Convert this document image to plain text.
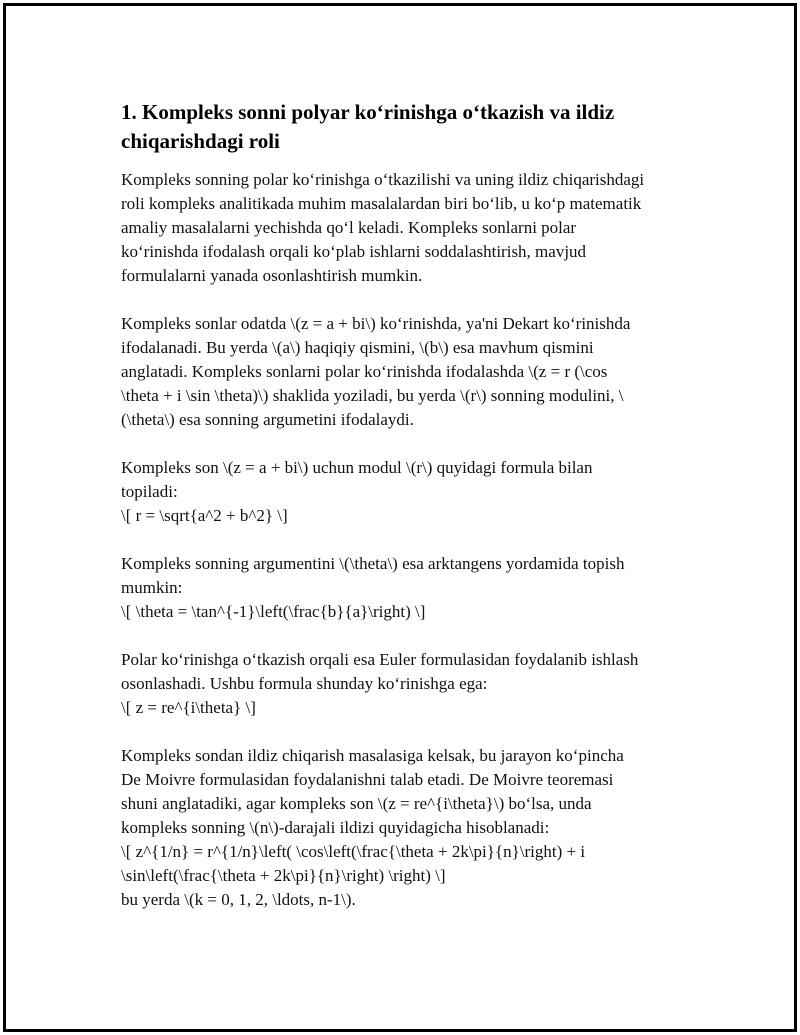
1. Kompleks sonni polyar ko‘rinishga o‘tkazish va ildiz
chiqarishdagi roli

Kompleks sonning polar ko‘rinishga o‘tkazilishi va uning ildiz chiqarishdagi
roli kompleks analitikada muhim masalalardan biri bo‘lib, u ko‘p matematik
amaliy masalalarni yechishda qo‘l keladi. Kompleks sonlarni polar
ko‘rinishda ifodalash orqali ko‘plab ishlarni soddalashtirish, mavjud
formulalarni yanada osonlashtirish mumkin.

Kompleks sonlar odatda \(z = a + bi\) ko‘rinishda, ya'ni Dekart ko‘rinishda
ifodalanadi. Bu yerda \(a\) haqiqiy qismini, \(b\) esa mavhum qismini
anglatadi. Kompleks sonlarni polar ko‘rinishda ifodalashda \(z = r (\cos
\theta + i \sin \theta)\) shaklida yoziladi, bu yerda \(r\) sonning modulini, \
(\theta\) esa sonning argumetini ifodalaydi.

Kompleks son \(z = a + bi\) uchun modul \(r\) quyidagi formula bilan
topiladi:
\[ r = \sqrt{a^2 + b^2} \]

Kompleks sonning argumentini \(\theta\) esa arktangens yordamida topish
mumkin:
\[ \theta = \tan^{-1}\left(\frac{b}{a}\right) \]

Polar ko‘rinishga o‘tkazish orqali esa Euler formulasidan foydalanib ishlash
osonlashadi. Ushbu formula shunday ko‘rinishga ega:
\[ z = re^{i\theta} \]

Kompleks sondan ildiz chiqarish masalasiga kelsak, bu jarayon ko‘pincha
De Moivre formulasidan foydalanishni talab etadi. De Moivre teoremasi
shuni anglatadiki, agar kompleks son \(z = re^{i\theta}\) bo‘lsa, unda
kompleks sonning \(n\)-darajali ildizi quyidagicha hisoblanadi:
\[ z^{1/n} = r^{1/n}\left( \cos\left(\frac{\theta + 2k\pi}{n}\right) + i
\sin\left(\frac{\theta + 2k\pi}{n}\right) \right) \]
bu yerda \(k = 0, 1, 2, \ldots, n-1\).
